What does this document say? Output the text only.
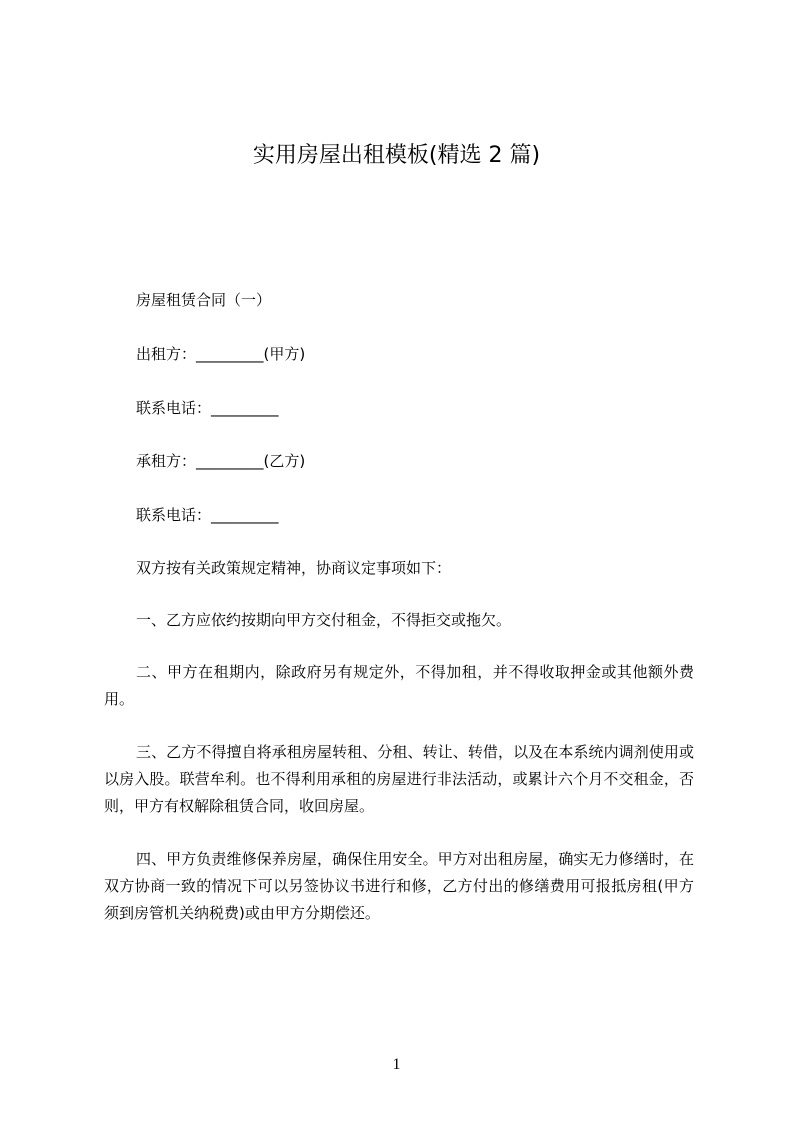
实用房屋出租模板(精选 2 篇)
房屋租赁合同（一）
出租方：_________(甲方)
联系电话：_________
承租方：_________(乙方)
联系电话：_________
双方按有关政策规定精神，协商议定事项如下：
一、乙方应依约按期向甲方交付租金，不得拒交或拖欠。
二、甲方在租期内，除政府另有规定外，不得加租，并不得收取押金或其他额外费用。
三、乙方不得擅自将承租房屋转租、分租、转让、转借，以及在本系统内调剂使用或以房入股。联营牟利。也不得利用承租的房屋进行非法活动，或累计六个月不交租金，否则，甲方有权解除租赁合同，收回房屋。
四、甲方负责维修保养房屋，确保住用安全。甲方对出租房屋，确实无力修缮时，在双方协商一致的情况下可以另签协议书进行和修，乙方付出的修缮费用可报抵房租(甲方须到房管机关纳税费)或由甲方分期偿还。
1
